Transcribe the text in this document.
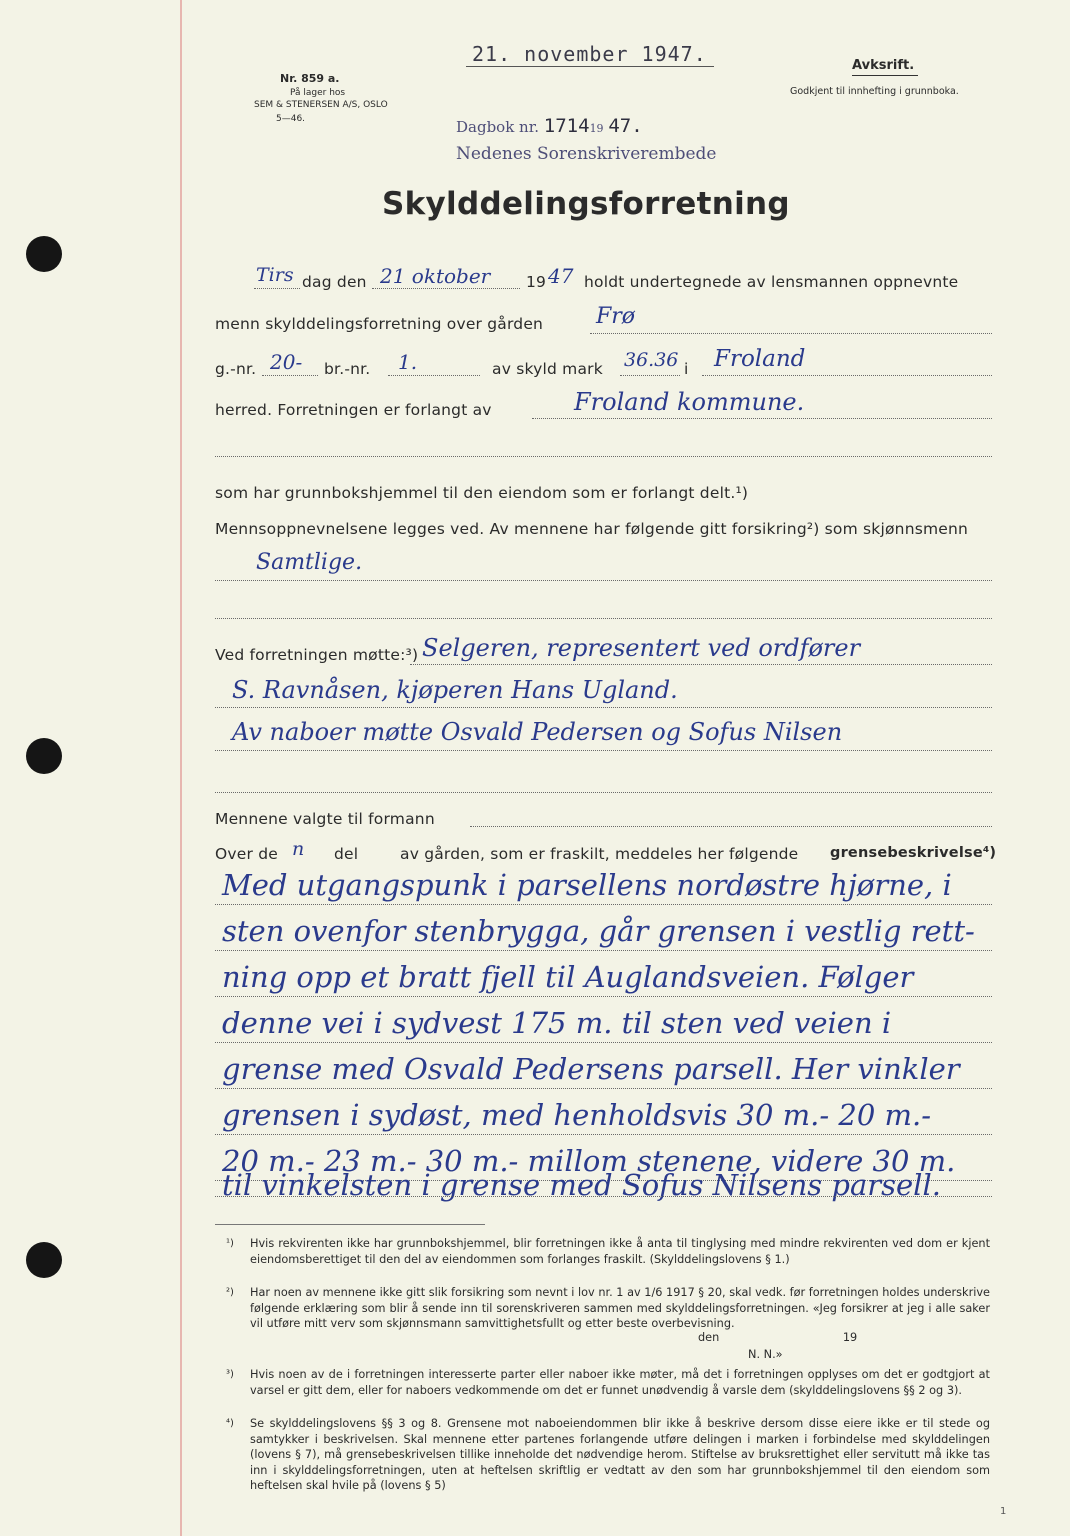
21. november 1947.
Nr. 859 a.
På lager hos
SEM & STENERSEN A/S, OSLO
5—46.
Avksrift.
Godkjent til innhefting i grunnboka.
Dagbok nr. 171419 47.
Nedenes Sorenskriverembede
Skylddelingsforretning
Tirs dag den 21 oktober 19 47 holdt undertegnede av lensmannen oppnevnte
menn skylddelingsforretning over gården Frø
g.-nr. 20- br.-nr. 1.	av skyld mark 36.36 i Froland
herred. Forretningen er forlangt av	Froland kommune.
som har grunnbokshjemmel til den eiendom som er forlangt delt.¹)
Mennsoppnevnelsene legges ved. Av mennene har følgende gitt forsikring²) som skjønnsmenn
Samtlige.
Ved forretningen møtte:³) Selgeren, representert ved ordfører
S. Ravnåsen, kjøperen Hans Ugland.
Av naboer møtte Osvald Pedersen og Sofus Nilsen
Mennene valgte til formann
Over de n del	av gården, som er fraskilt, meddeles her følgende grensebeskrivelse⁴)
Med utgangspunk i parsellens nordøstre hjørne, i
sten ovenfor stenbrygga, går grensen i vestlig rett-
ning opp et bratt fjell til Auglandsveien. Følger
denne vei i sydvest 175 m. til sten ved veien i
grense med Osvald Pedersens parsell. Her vinkler
grensen i sydøst, med henholdsvis 30 m.- 20 m.-
20 m.- 23 m.- 30 m.- millom stenene, videre 30 m.
til vinkelsten i grense med Sofus Nilsens parsell.
¹) Hvis rekvirenten ikke har grunnbokshjemmel, blir forretningen ikke å anta til tinglysing med mindre rekvirenten ved dom er kjent eiendomsberettiget til den del av eiendommen som forlanges fraskilt. (Skylddelingslovens § 1.)
²) Har noen av mennene ikke gitt slik forsikring som nevnt i lov nr. 1 av 1/6 1917 § 20, skal vedk. før forretningen holdes underskrive følgende erklæring som blir å sende inn til sorenskriveren sammen med skylddelingsforretningen. «Jeg forsikrer at jeg i alle saker vil utføre mitt verv som skjønnsmann samvittighetsfullt og etter beste overbevisning.
den 19
N. N.»
³) Hvis noen av de i forretningen interesserte parter eller naboer ikke møter, må det i forretningen opplyses om det er godtgjort at varsel er gitt dem, eller for naboers vedkommende om det er funnet unødvendig å varsle dem (skylddelingslovens §§ 2 og 3).
⁴) Se skylddelingslovens §§ 3 og 8. Grensene mot naboeiendommen blir ikke å beskrive dersom disse eiere ikke er til stede og samtykker i beskrivelsen. Skal mennene etter partenes forlangende utføre delingen i marken i forbindelse med skylddelingen (lovens § 7), må grensebeskrivelsen tillike inneholde det nødvendige herom. Stiftelse av bruksrettighet eller servitutt må ikke tas inn i skylddelingsforretningen, uten at heftelsen skriftlig er vedtatt av den som har grunnbokshjemmel til den eiendom som heftelsen skal hvile på (lovens § 5)
1
